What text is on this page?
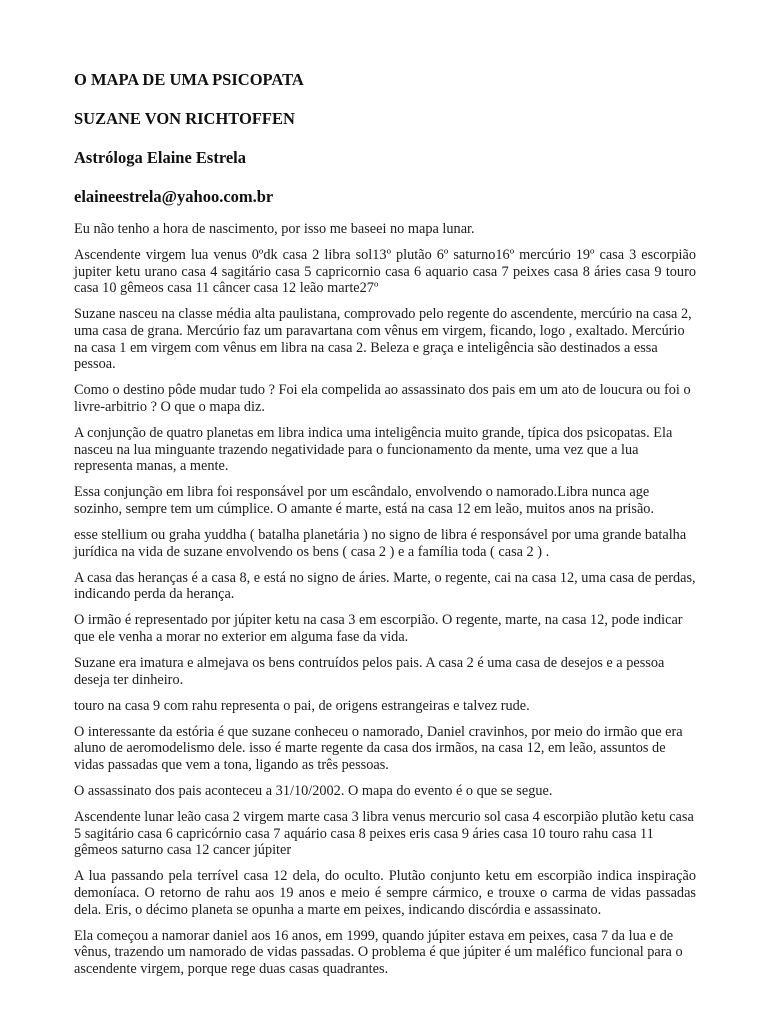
O MAPA DE UMA PSICOPATA
SUZANE VON RICHTOFFEN
Astróloga Elaine Estrela
elaineestrela@yahoo.com.br

Eu não tenho a hora de nascimento, por isso me baseei no mapa lunar.

Ascendente virgem lua venus 0ºdk casa 2 libra sol13º plutão 6º saturno16º mercúrio 19º casa 3 escorpião jupiter ketu urano casa 4 sagitário casa 5 capricornio casa 6 aquario casa 7 peixes casa 8 áries casa 9 touro casa 10 gêmeos casa 11 câncer casa 12 leão marte27º

Suzane nasceu na classe média alta paulistana, comprovado pelo regente do ascendente, mercúrio na casa 2, uma casa de grana. Mercúrio faz um paravartana com vênus em virgem, ficando, logo , exaltado. Mercúrio na casa 1 em virgem com vênus em libra na casa 2. Beleza e graça e inteligência são destinados a essa pessoa.

Como o destino pôde mudar tudo ? Foi ela compelida ao assassinato dos pais em um ato de loucura ou foi o livre-arbitrio ? O que o mapa diz.

A conjunção de quatro planetas em libra indica uma inteligência muito grande, típica dos psicopatas. Ela nasceu na lua minguante trazendo negatividade para o funcionamento da mente, uma vez que a lua representa manas, a mente.

Essa conjunção em libra foi responsável por um escândalo, envolvendo o namorado.Libra nunca age sozinho, sempre tem um cúmplice. O amante é marte, está na casa 12 em leão, muitos anos na prisão.

esse stellium ou graha yuddha ( batalha planetária ) no signo de libra é responsável por uma grande batalha jurídica na vida de suzane envolvendo os bens ( casa 2 ) e a família toda ( casa 2 ) .

A casa das heranças é a casa 8, e está no signo de áries. Marte, o regente, cai na casa 12, uma casa de perdas, indicando perda da herança.

O irmão é representado por júpiter ketu na casa 3 em escorpião. O regente, marte, na casa 12, pode indicar que ele venha a morar no exterior em alguma fase da vida.

Suzane era imatura e almejava os bens contruídos pelos pais. A casa 2 é uma casa de desejos e a pessoa deseja ter dinheiro.

touro na casa 9 com rahu representa o pai, de origens estrangeiras e talvez rude.

O interessante da estória é que suzane conheceu o namorado, Daniel cravinhos, por meio do irmão que era aluno de aeromodelismo dele. isso é marte regente da casa dos irmãos, na casa 12, em leão, assuntos de vidas passadas que vem a tona, ligando as três pessoas.

O assassinato dos pais aconteceu a 31/10/2002. O mapa do evento é o que se segue.

Ascendente lunar leão casa 2 virgem marte casa 3 libra venus mercurio sol casa 4 escorpião plutão ketu casa 5 sagitário casa 6 capricórnio casa 7 aquário casa 8 peixes eris casa 9 áries casa 10 touro rahu casa 11 gêmeos saturno casa 12 cancer júpiter

A lua passando pela terrível casa 12 dela, do oculto. Plutão conjunto ketu em escorpião indica inspiração demoníaca. O retorno de rahu aos 19 anos e meio é sempre cármico, e trouxe o carma de vidas passadas dela. Eris, o décimo planeta se opunha a marte em peixes, indicando discórdia e assassinato.

Ela começou a namorar daniel aos 16 anos, em 1999, quando júpiter estava em peixes, casa 7 da lua e de vênus, trazendo um namorado de vidas passadas. O problema é que júpiter é um maléfico funcional para o ascendente virgem, porque rege duas casas quadrantes.
